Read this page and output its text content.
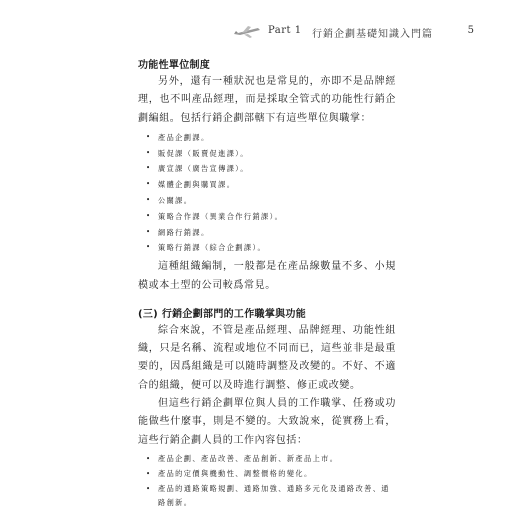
Part 1 行銷企劃基礎知識入門篇	5
功能性單位制度

另外，還有一種狀況也是常見的，亦即不是品牌經理，也不叫產品經理，而是採取全管式的功能性行銷企劃編組。包括行銷企劃部轄下有這些單位與職掌：

• 產品企劃課。
• 販促課（販賣促進課）。
• 廣宣課（廣告宣傳課）。
• 媒體企劃與購買課。
• 公關課。
• 策略合作課（異業合作行銷課）。
• 網路行銷課。
• 策略行銷課（綜合企劃課）。

這種組織編制，一般都是在產品線數量不多、小規模或本土型的公司較爲常見。

(三) 行銷企劃部門的工作職掌與功能

綜合來說，不管是產品經理、品牌經理、功能性組織，只是名稱、流程或地位不同而已，這些並非是最重要的，因爲組織是可以隨時調整及改變的。不好、不適合的組織，便可以及時進行調整、修正或改變。

但這些行銷企劃單位與人員的工作職掌、任務或功能做些什麼事，則是不變的。大致說來，從實務上看，這些行銷企劃人員的工作內容包括：

• 產品企劃、產品改善、產品創新、新產品上市。
• 產品的定價與機動性、調整價格的變化。
• 產品的通路策略規劃、通路加強、通路多元化及通路改善、通路創新。
